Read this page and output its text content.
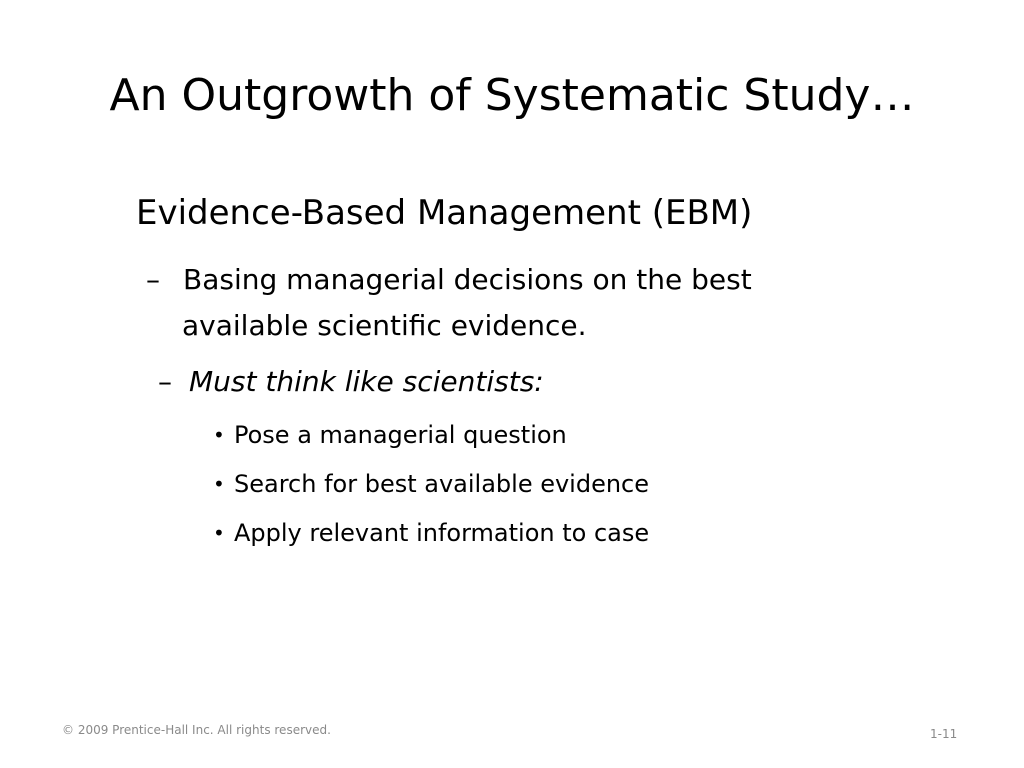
An Outgrowth of Systematic Study…
Evidence-Based Management (EBM)
– Basing managerial decisions on the best
available scientific evidence.
– Must think like scientists:
• Pose a managerial question
• Search for best available evidence
• Apply relevant information to case
© 2009 Prentice-Hall Inc. All rights reserved.	1-11
